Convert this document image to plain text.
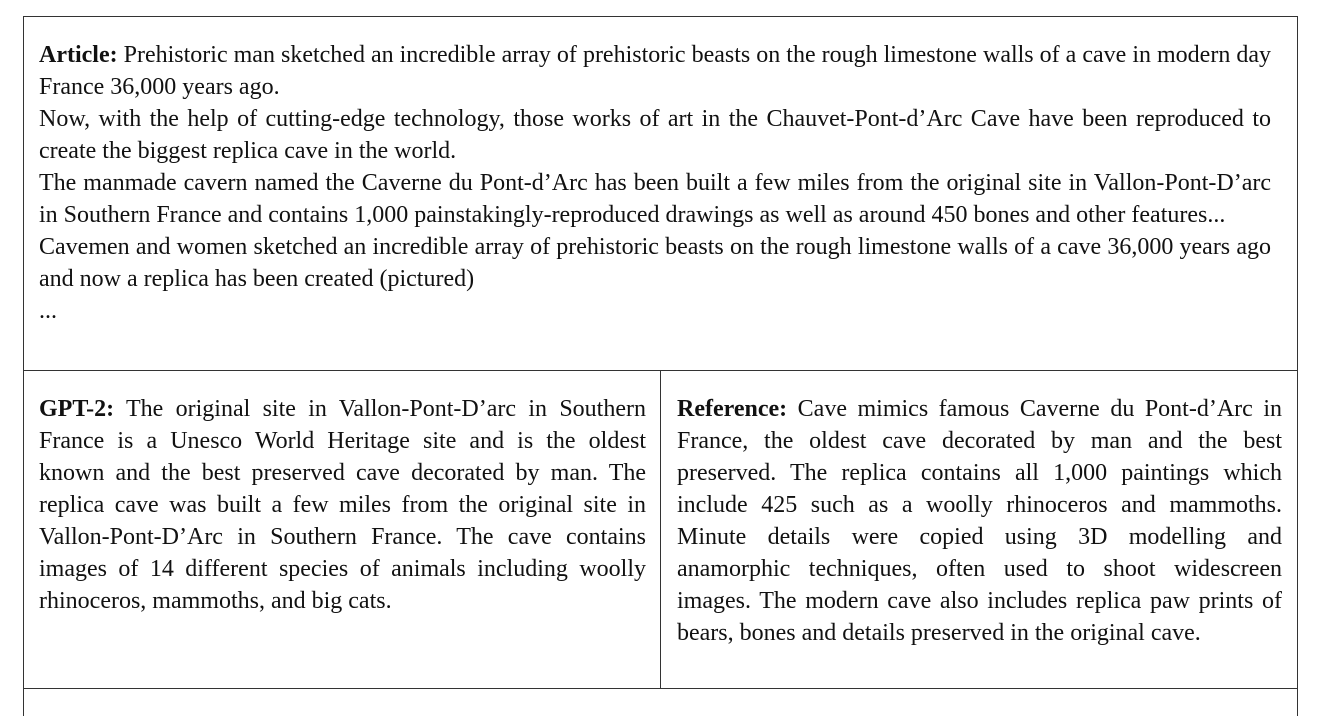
Article: Prehistoric man sketched an incredible array of prehistoric beasts on the rough limestone walls of a cave in modern day France 36,000 years ago.

Now, with the help of cutting-edge technology, those works of art in the Chauvet-Pont-d’Arc Cave have been reproduced to create the biggest replica cave in the world.

The manmade cavern named the Caverne du Pont-d’Arc has been built a few miles from the original site in Vallon-Pont-D’arc in Southern France and contains 1,000 painstakingly-reproduced drawings as well as around 450 bones and other features...

Cavemen and women sketched an incredible array of prehistoric beasts on the rough limestone walls of a cave 36,000 years ago and now a replica has been created (pictured)

...

GPT-2: The original site in Vallon-Pont-D’arc in Southern France is a Unesco World Heritage site and is the oldest known and the best preserved cave decorated by man. The replica cave was built a few miles from the original site in Vallon-Pont-D’Arc in Southern France. The cave contains images of 14 different species of animals including woolly rhinoceros, mammoths, and big cats.

Reference: Cave mimics famous Caverne du Pont-d’Arc in France, the oldest cave decorated by man and the best preserved. The replica contains all 1,000 paintings which include 425 such as a woolly rhinoceros and mammoths. Minute details were copied using 3D modelling and anamorphic techniques, often used to shoot widescreen images. The modern cave also includes replica paw prints of bears, bones and details preserved in the original cave.
